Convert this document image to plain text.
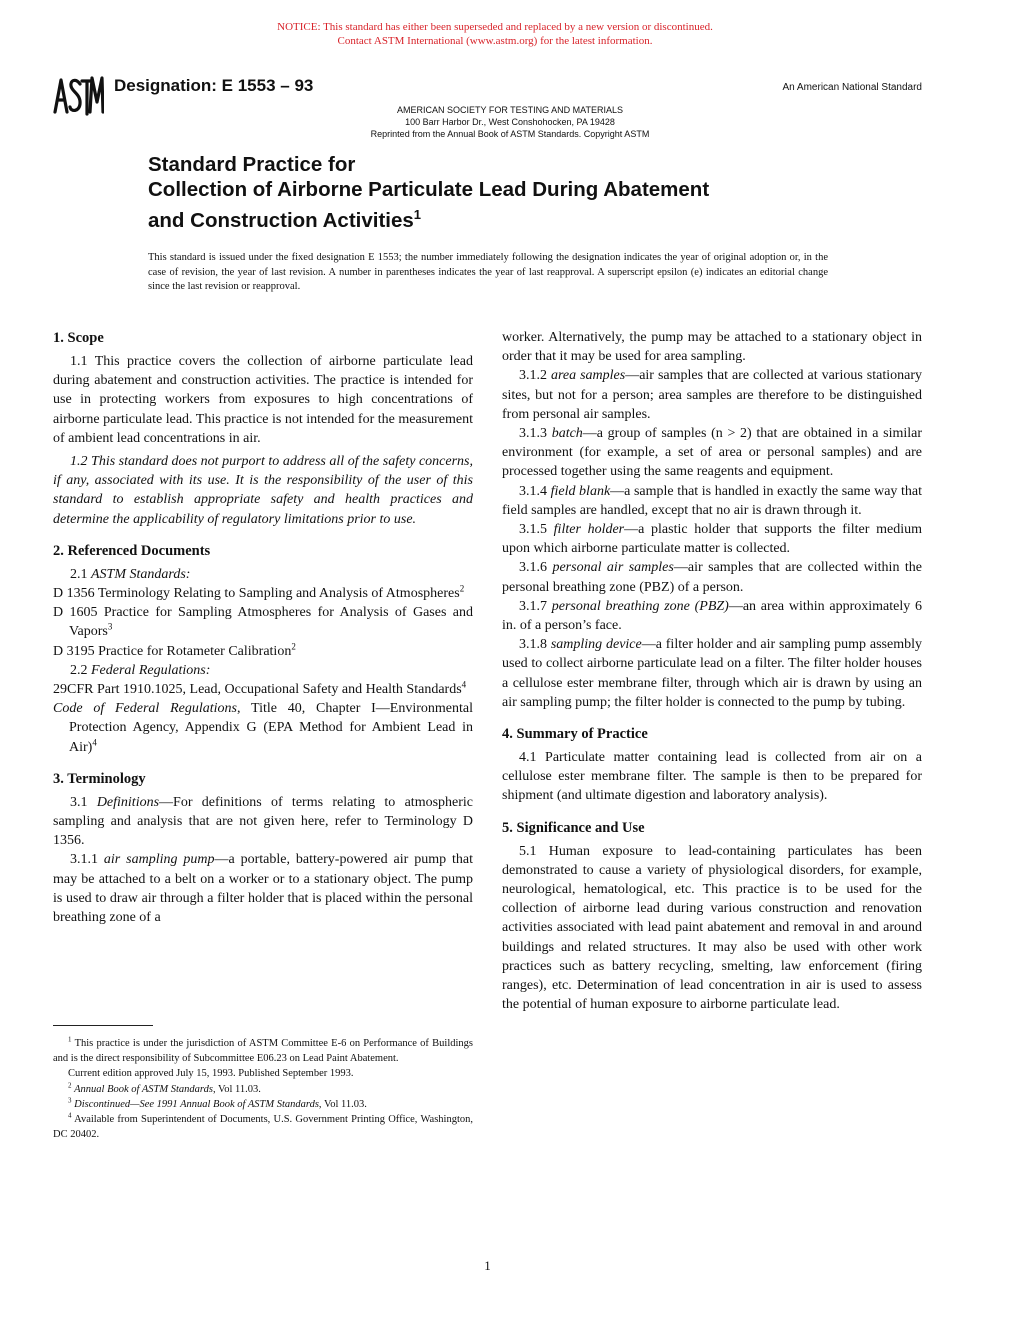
NOTICE: This standard has either been superseded and replaced by a new version or discontinued.
Contact ASTM International (www.astm.org) for the latest information.
Designation: E 1553 – 93	An American National Standard
AMERICAN SOCIETY FOR TESTING AND MATERIALS
100 Barr Harbor Dr., West Conshohocken, PA 19428
Reprinted from the Annual Book of ASTM Standards. Copyright ASTM
Standard Practice for
Collection of Airborne Particulate Lead During Abatement
and Construction Activities$^1$
This standard is issued under the fixed designation E 1553; the number immediately following the designation indicates the year of original adoption or, in the case of revision, the year of last revision. A number in parentheses indicates the year of last reapproval. A superscript epsilon (e) indicates an editorial change since the last revision or reapproval.
1. Scope

1.1 This practice covers the collection of airborne particulate lead during abatement and construction activities. The practice is intended for use in protecting workers from exposures to high concentrations of airborne particulate lead. This practice is not intended for the measurement of ambient lead concentrations in air.

1.2 This standard does not purport to address all of the safety concerns, if any, associated with its use. It is the responsibility of the user of this standard to establish appropriate safety and health practices and determine the applicability of regulatory limitations prior to use.

2. Referenced Documents

2.1 ASTM Standards:

D 1356 Terminology Relating to Sampling and Analysis of Atmospheres$^2$

D 1605 Practice for Sampling Atmospheres for Analysis of Gases and Vapors$^3$

D 3195 Practice for Rotameter Calibration$^2$

2.2 Federal Regulations:

29CFR Part 1910.1025, Lead, Occupational Safety and Health Standards$^4$

Code of Federal Regulations, Title 40, Chapter I—Environmental Protection Agency, Appendix G (EPA Method for Ambient Lead in Air)$^4$

3. Terminology

3.1 Definitions—For definitions of terms relating to atmospheric sampling and analysis that are not given here, refer to Terminology D 1356.

3.1.1 air sampling pump—a portable, battery-powered air pump that may be attached to a belt on a worker or to a stationary object. The pump is used to draw air through a filter holder that is placed within the personal breathing zone of a

worker. Alternatively, the pump may be attached to a stationary object in order that it may be used for area sampling.

3.1.2 area samples—air samples that are collected at various stationary sites, but not for a person; area samples are therefore to be distinguished from personal air samples.

3.1.3 batch—a group of samples (n > 2) that are obtained in a similar environment (for example, a set of area or personal samples) and are processed together using the same reagents and equipment.

3.1.4 field blank—a sample that is handled in exactly the same way that field samples are handled, except that no air is drawn through it.

3.1.5 filter holder—a plastic holder that supports the filter medium upon which airborne particulate matter is collected.

3.1.6 personal air samples—air samples that are collected within the personal breathing zone (PBZ) of a person.

3.1.7 personal breathing zone (PBZ)—an area within approximately 6 in. of a person’s face.

3.1.8 sampling device—a filter holder and air sampling pump assembly used to collect airborne particulate lead on a filter. The filter holder houses a cellulose ester membrane filter, through which air is drawn by using an air sampling pump; the filter holder is connected to the pump by tubing.

4. Summary of Practice

4.1 Particulate matter containing lead is collected from air on a cellulose ester membrane filter. The sample is then to be prepared for shipment (and ultimate digestion and laboratory analysis).

5. Significance and Use

5.1 Human exposure to lead-containing particulates has been demonstrated to cause a variety of physiological disorders, for example, neurological, hematological, etc. This practice is to be used for the collection of airborne lead during various construction and renovation activities associated with lead paint abatement and removal in and around buildings and related structures. It may also be used with other work practices such as battery recycling, smelting, law enforcement (firing ranges), etc. Determination of lead concentration in air is used to assess the potential of human exposure to airborne particulate lead.

$^1$ This practice is under the jurisdiction of ASTM Committee E-6 on Performance of Buildings and is the direct responsibility of Subcommittee E06.23 on Lead Paint Abatement.

Current edition approved July 15, 1993. Published September 1993.

$^2$ Annual Book of ASTM Standards, Vol 11.03.

$^3$ Discontinued—See 1991 Annual Book of ASTM Standards, Vol 11.03.

$^4$ Available from Superintendent of Documents, U.S. Government Printing Office, Washington, DC 20402.

1
